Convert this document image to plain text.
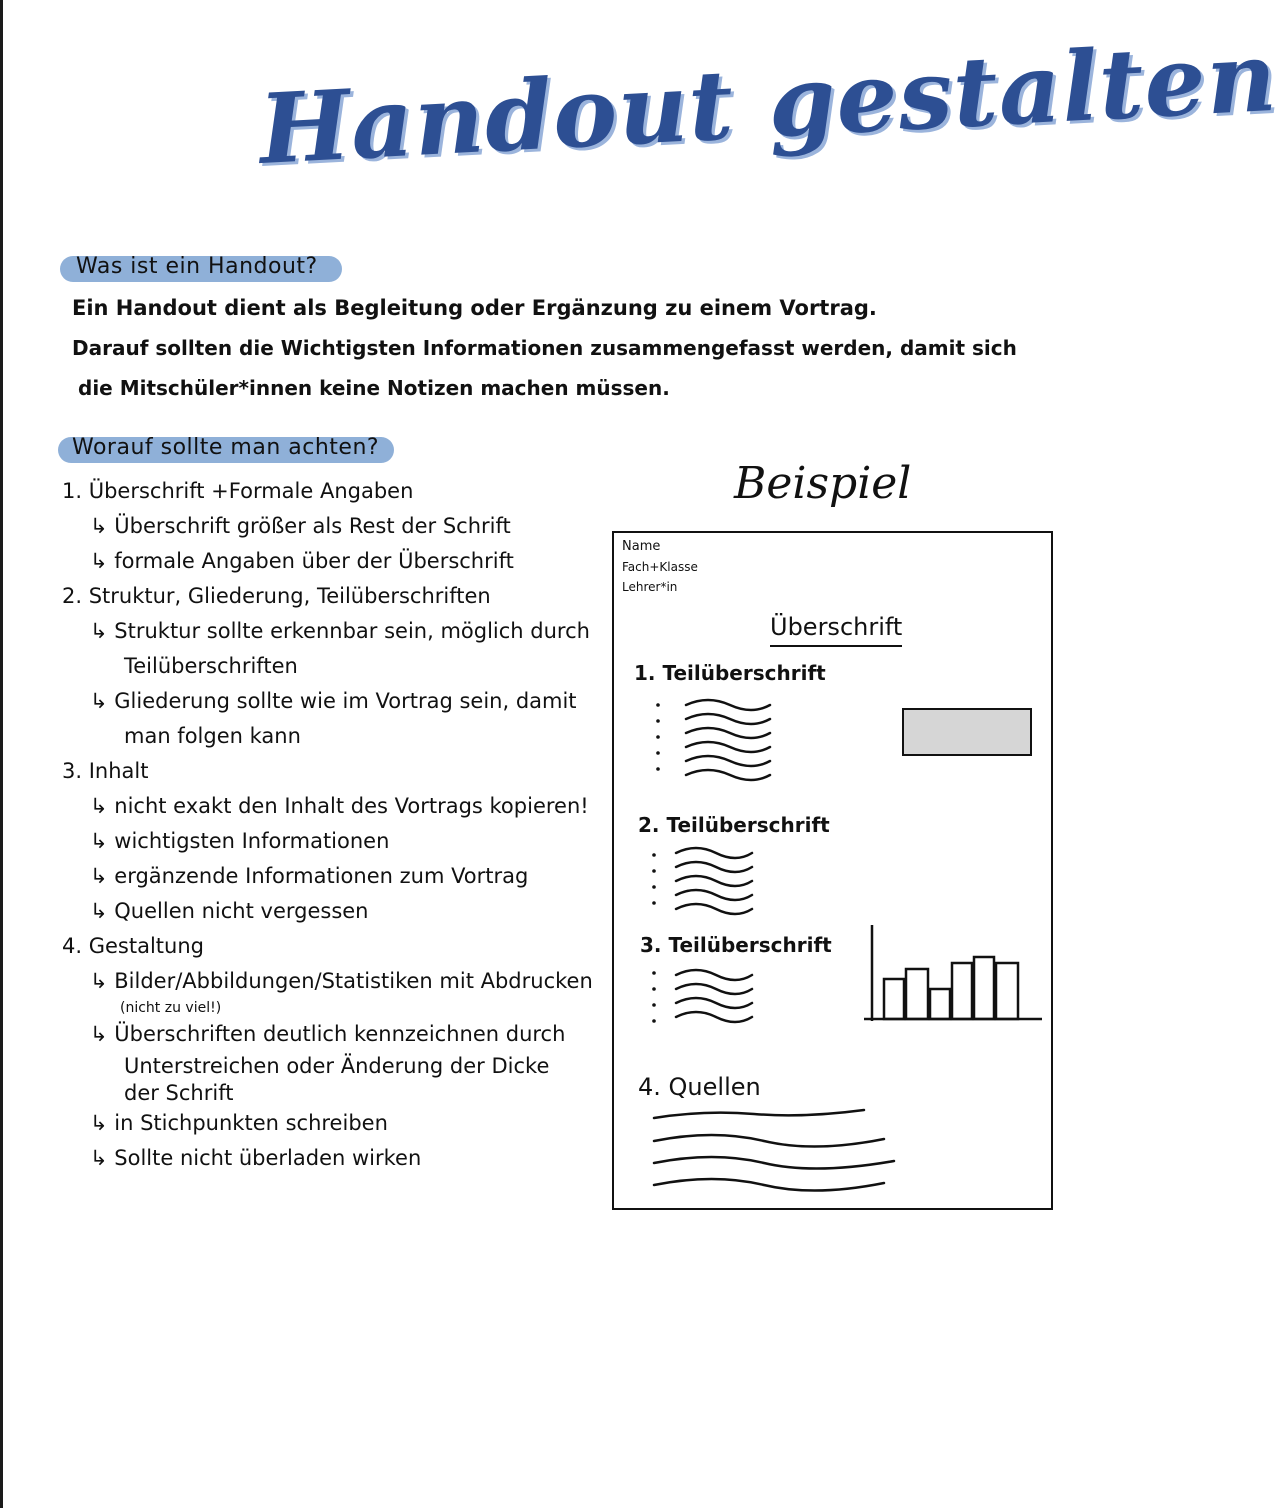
Handout gestalten
Was ist ein Handout?
Ein Handout dient als Begleitung oder Ergänzung zu einem Vortrag.
Darauf sollten die Wichtigsten Informationen zusammengefasst werden, damit sich
die Mitschüler*innen keine Notizen machen müssen.
Worauf sollte man achten?
1. Überschrift +Formale Angaben
↳ Überschrift größer als Rest der Schrift
↳ formale Angaben über der Überschrift
2. Struktur, Gliederung, Teilüberschriften
↳ Struktur sollte erkennbar sein, möglich durch
Teilüberschriften
↳ Gliederung sollte wie im Vortrag sein, damit
man folgen kann
3. Inhalt
↳ nicht exakt den Inhalt des Vortrags kopieren!
↳ wichtigsten Informationen
↳ ergänzende Informationen zum Vortrag
↳ Quellen nicht vergessen
4. Gestaltung
↳ Bilder/Abbildungen/Statistiken mit Abdrucken
(nicht zu viel!)
↳ Überschriften deutlich kennzeichnen durch
Unterstreichen oder Änderung der Dicke
der Schrift
↳ in Stichpunkten schreiben
↳ Sollte nicht überladen wirken
Beispiel
Name
Fach+Klasse
Lehrer*in
Überschrift
1. Teilüberschrift
2. Teilüberschrift
3. Teilüberschrift
4. Quellen
